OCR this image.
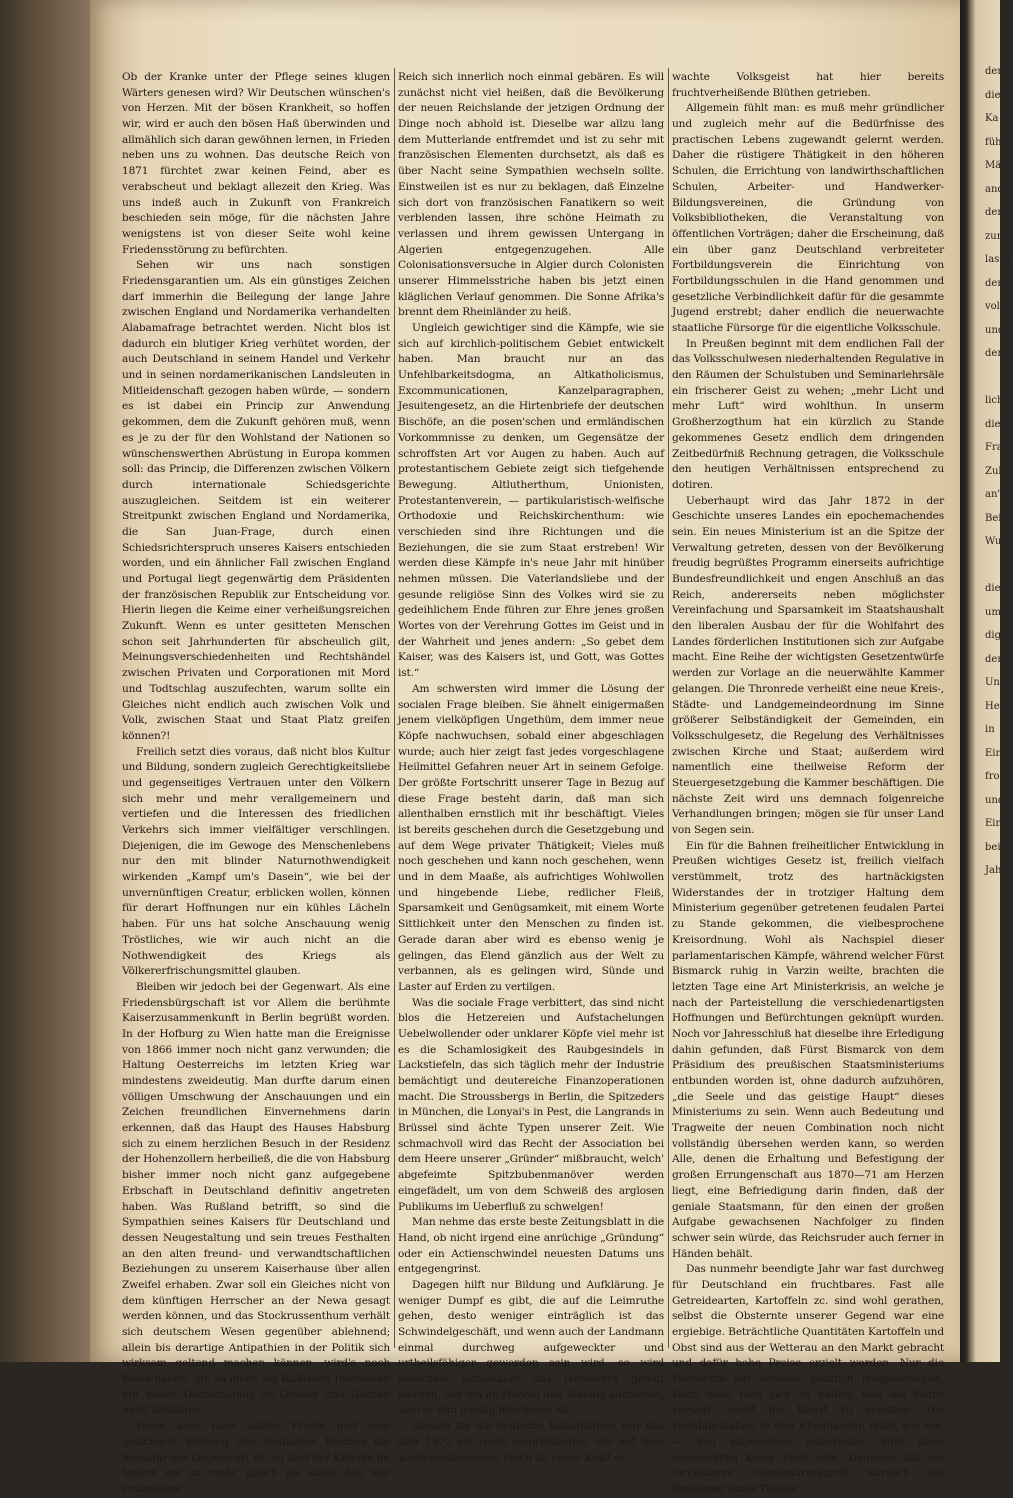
der
die
Ka
führ
Mä
and
der
zum
lasse
den
vole
und
derer

lich
die
Fra
Zuk
an's
Bei
Wu

die
um
digk
der
Unt
Here
in
Einl
fro
und
Ein
bei
Jah

Ob der Kranke unter der Pflege seines klugen Wärters genesen wird? Wir Deutschen wünschen's von Herzen. Mit der bösen Krankheit, so hoffen wir, wird er auch den bösen Haß überwinden und allmählich sich daran gewöhnen lernen, in Frieden neben uns zu wohnen. Das deutsche Reich von 1871 fürchtet zwar keinen Feind, aber es verabscheut und beklagt allezeit den Krieg. Was uns indeß auch in Zukunft von Frankreich beschieden sein möge, für die nächsten Jahre wenigstens ist von dieser Seite wohl keine Friedensstörung zu befürchten.

Sehen wir uns nach sonstigen Friedensgarantien um. Als ein günstiges Zeichen darf immerhin die Beilegung der lange Jahre zwischen England und Nordamerika verhandelten Alabamafrage betrachtet werden. Nicht blos ist dadurch ein blutiger Krieg verhütet worden, der auch Deutschland in seinem Handel und Verkehr und in seinen nordamerikanischen Landsleuten in Mitleidenschaft gezogen haben würde, — sondern es ist dabei ein Princip zur Anwendung gekommen, dem die Zukunft gehören muß, wenn es je zu der für den Wohlstand der Nationen so wünschenswerthen Abrüstung in Europa kommen soll: das Princip, die Differenzen zwischen Völkern durch internationale Schiedsgerichte auszugleichen. Seitdem ist ein weiterer Streitpunkt zwischen England und Nordamerika, die San Juan-Frage, durch einen Schiedsrichterspruch unseres Kaisers entschieden worden, und ein ähnlicher Fall zwischen England und Portugal liegt gegenwärtig dem Präsidenten der französischen Republik zur Entscheidung vor. Hierin liegen die Keime einer verheißungsreichen Zukunft. Wenn es unter gesitteten Menschen schon seit Jahrhunderten für abscheulich gilt, Meinungsverschiedenheiten und Rechtshändel zwischen Privaten und Corporationen mit Mord und Todtschlag auszufechten, warum sollte ein Gleiches nicht endlich auch zwischen Volk und Volk, zwischen Staat und Staat Platz greifen können?!

Freilich setzt dies voraus, daß nicht blos Kultur und Bildung, sondern zugleich Gerechtigkeitsliebe und gegenseitiges Vertrauen unter den Völkern sich mehr und mehr verallgemeinern und vertiefen und die Interessen des friedlichen Verkehrs sich immer vielfältiger verschlingen. Diejenigen, die im Gewoge des Menschenlebens nur den mit blinder Naturnothwendigkeit wirkenden „Kampf um's Dasein“, wie bei der unvernünftigen Creatur, erblicken wollen, können für derart Hoffnungen nur ein kühles Lächeln haben. Für uns hat solche Anschauung wenig Tröstliches, wie wir auch nicht an die Nothwendigkeit des Kriegs als Völkererfrischungsmittel glauben.

Bleiben wir jedoch bei der Gegenwart. Als eine Friedensbürgschaft ist vor Allem die berühmte Kaiserzusammenkunft in Berlin begrüßt worden. In der Hofburg zu Wien hatte man die Ereignisse von 1866 immer noch nicht ganz verwunden; die Haltung Oesterreichs im letzten Krieg war mindestens zweideutig. Man durfte darum einen völligen Umschwung der Anschauungen und ein Zeichen freundlichen Einvernehmens darin erkennen, daß das Haupt des Hauses Habsburg sich zu einem herzlichen Besuch in der Residenz der Hohenzollern herbeiließ, die die von Habsburg bisher immer noch nicht ganz aufgegebene Erbschaft in Deutschland definitiv angetreten haben. Was Rußland betrifft, so sind die Sympathien seines Kaisers für Deutschland und dessen Neugestaltung und sein treues Festhalten an den alten freund- und verwandtschaftlichen Beziehungen zu unserem Kaiserhause über allen Zweifel erhaben. Zwar soll ein Gleiches nicht von dem künftigen Herrscher an der Newa gesagt werden können, und das Stockrussenthum verhält sich deutschem Wesen gegenüber ablehnend; allein bis derartige Antipathien in der Politik sich wirksam geltend machen können, wird's noch Weile haben, um so mehr, als Rußlands Interessen mit denen Deutschlands im Großen und Ganzen nicht kollidiren.

Wenn aber nach außen Friede und eine gesicherte Stellung des deutschen Reiches die Signatur der Gegenwart ist, so sind der Kämpfe im Innern um so mehr, gleich als sollte das neu erstandene

Reich sich innerlich noch einmal gebären. Es will zunächst nicht viel heißen, daß die Bevölkerung der neuen Reichslande der jetzigen Ordnung der Dinge noch abhold ist. Dieselbe war allzu lang dem Mutterlande entfremdet und ist zu sehr mit französischen Elementen durchsetzt, als daß es über Nacht seine Sympathien wechseln sollte. Einstweilen ist es nur zu beklagen, daß Einzelne sich dort von französischen Fanatikern so weit verblenden lassen, ihre schöne Heimath zu verlassen und ihrem gewissen Untergang in Algerien entgegenzugehen. Alle Colonisationsversuche in Algier durch Colonisten unserer Himmelsstriche haben bis jetzt einen kläglichen Verlauf genommen. Die Sonne Afrika's brennt dem Rheinländer zu heiß.

Ungleich gewichtiger sind die Kämpfe, wie sie sich auf kirchlich-politischem Gebiet entwickelt haben. Man braucht nur an das Unfehlbarkeitsdogma, an Altkatholicismus, Excommunicationen, Kanzelparagraphen, Jesuitengesetz, an die Hirtenbriefe der deutschen Bischöfe, an die posen'schen und ermländischen Vorkommnisse zu denken, um Gegensätze der schroffsten Art vor Augen zu haben. Auch auf protestantischem Gebiete zeigt sich tiefgehende Bewegung. Altlutherthum, Unionisten, Protestantenverein, — partikularistisch-welfische Orthodoxie und Reichskirchenthum: wie verschieden sind ihre Richtungen und die Beziehungen, die sie zum Staat erstreben! Wir werden diese Kämpfe in's neue Jahr mit hinüber nehmen müssen. Die Vaterlandsliebe und der gesunde religiöse Sinn des Volkes wird sie zu gedeihlichem Ende führen zur Ehre jenes großen Wortes von der Verehrung Gottes im Geist und in der Wahrheit und jenes andern: „So gebet dem Kaiser, was des Kaisers ist, und Gott, was Gottes ist.“

Am schwersten wird immer die Lösung der socialen Frage bleiben. Sie ähnelt einigermaßen jenem vielköpfigen Ungethüm, dem immer neue Köpfe nachwuchsen, sobald einer abgeschlagen wurde; auch hier zeigt fast jedes vorgeschlagene Heilmittel Gefahren neuer Art in seinem Gefolge. Der größte Fortschritt unserer Tage in Bezug auf diese Frage besteht darin, daß man sich allenthalben ernstlich mit ihr beschäftigt. Vieles ist bereits geschehen durch die Gesetzgebung und auf dem Wege privater Thätigkeit; Vieles muß noch geschehen und kann noch geschehen, wenn und in dem Maaße, als aufrichtiges Wohlwollen und hingebende Liebe, redlicher Fleiß, Sparsamkeit und Genügsamkeit, mit einem Worte Sittlichkeit unter den Menschen zu finden ist. Gerade daran aber wird es ebenso wenig je gelingen, das Elend gänzlich aus der Welt zu verbannen, als es gelingen wird, Sünde und Laster auf Erden zu vertilgen.

Was die sociale Frage verbittert, das sind nicht blos die Hetzereien und Aufstachelungen Uebelwollender oder unklarer Köpfe viel mehr ist es die Schamlosigkeit des Raubgesindels in Lackstiefeln, das sich täglich mehr der Industrie bemächtigt und deutereiche Finanzoperationen macht. Die Stroussbergs in Berlin, die Spitzeders in München, die Lonyai's in Pest, die Langrands in Brüssel sind ächte Typen unserer Zeit. Wie schmachvoll wird das Recht der Association bei dem Heere unserer „Gründer“ mißbraucht, welch' abgefeimte Spitzbubenmanöver werden eingefädelt, um von dem Schweiß des arglosen Publikums im Ueberfluß zu schwelgen!

Man nehme das erste beste Zeitungsblatt in die Hand, ob nicht irgend eine anrüchige „Gründung“ oder ein Actienschwindel neuesten Datums uns entgegengrinst.

Dagegen hilft nur Bildung und Aufklärung. Je weniger Dumpf es gibt, die auf die Leimruthe gehen, desto weniger einträglich ist das Schwindelgeschäft, und wenn auch der Landmann einmal durchweg aufgeweckter und urtheilsfähiger geworden sein wird, so wird manchem Schlaukopf das Handwerk gelegt werden, der ihn im Handel und Wandel ausbeutet, weil er ihm geistig überlegen ist.

Gerade für die deutsche Volksbildung war das Jahr 1872 ein recht ersprießliches; der mit dem wiedererstandenen Reich zu neuer Kraft er-

wachte Volksgeist hat hier bereits fruchtverheißende Blüthen getrieben.

Allgemein fühlt man: es muß mehr gründlicher und zugleich mehr auf die Bedürfnisse des practischen Lebens zugewandt gelernt werden. Daher die rüstigere Thätigkeit in den höheren Schulen, die Errichtung von landwirthschaftlichen Schulen, Arbeiter- und Handwerker-Bildungsvereinen, die Gründung von Volksbibliotheken, die Veranstaltung von öffentlichen Vorträgen; daher die Erscheinung, daß ein über ganz Deutschland verbreiteter Fortbildungsverein die Einrichtung von Fortbildungsschulen in die Hand genommen und gesetzliche Verbindlichkeit dafür für die gesammte Jugend erstrebt; daher endlich die neuerwachte staatliche Fürsorge für die eigentliche Volksschule.

In Preußen beginnt mit dem endlichen Fall der das Volksschulwesen niederhaltenden Regulative in den Räumen der Schulstuben und Seminarlehrsäle ein frischerer Geist zu wehen; „mehr Licht und mehr Luft“ wird wohlthun. In unserm Großherzogthum hat ein kürzlich zu Stande gekommenes Gesetz endlich dem dringenden Zeitbedürfniß Rechnung getragen, die Volksschule den heutigen Verhältnissen entsprechend zu dotiren.

Ueberhaupt wird das Jahr 1872 in der Geschichte unseres Landes ein epochemachendes sein. Ein neues Ministerium ist an die Spitze der Verwaltung getreten, dessen von der Bevölkerung freudig begrüßtes Programm einerseits aufrichtige Bundesfreundlichkeit und engen Anschluß an das Reich, andererseits neben möglichster Vereinfachung und Sparsamkeit im Staatshaushalt den liberalen Ausbau der für die Wohlfahrt des Landes förderlichen Institutionen sich zur Aufgabe macht. Eine Reihe der wichtigsten Gesetzentwürfe werden zur Vorlage an die neuerwählte Kammer gelangen. Die Thronrede verheißt eine neue Kreis-, Städte- und Landgemeindeordnung im Sinne größerer Selbständigkeit der Gemeinden, ein Volksschulgesetz, die Regelung des Verhältnisses zwischen Kirche und Staat; außerdem wird namentlich eine theilweise Reform der Steuergesetzgebung die Kammer beschäftigen. Die nächste Zeit wird uns demnach folgenreiche Verhandlungen bringen; mögen sie für unser Land von Segen sein.

Ein für die Bahnen freiheitlicher Entwicklung in Preußen wichtiges Gesetz ist, freilich vielfach verstümmelt, trotz des hartnäckigsten Widerstandes der in trotziger Haltung dem Ministerium gegenüber getretenen feudalen Partei zu Stande gekommen, die vielbesprochene Kreisordnung. Wohl als Nachspiel dieser parlamentarischen Kämpfe, während welcher Fürst Bismarck ruhig in Varzin weilte, brachten die letzten Tage eine Art Ministerkrisis, an welche je nach der Parteistellung die verschiedenartigsten Hoffnungen und Befürchtungen geknüpft wurden. Noch vor Jahresschluß hat dieselbe ihre Erledigung dahin gefunden, daß Fürst Bismarck von dem Präsidium des preußischen Staatsministeriums entbunden worden ist, ohne dadurch aufzuhören, „die Seele und das geistige Haupt“ dieses Ministeriums zu sein. Wenn auch Bedeutung und Tragweite der neuen Combination noch nicht vollständig übersehen werden kann, so werden Alle, denen die Erhaltung und Befestigung der großen Errungenschaft aus 1870—71 am Herzen liegt, eine Befriedigung darin finden, daß der geniale Staatsmann, für den einen der großen Aufgabe gewachsenen Nachfolger zu finden schwer sein würde, das Reichsruder auch ferner in Händen behält.

Das nunmehr beendigte Jahr war fast durchweg für Deutschland ein fruchtbares. Fast alle Getreidearten, Kartoffeln zc. sind wohl gerathen, selbst die Obsternte unserer Gegend war eine ergiebige. Beträchtliche Quantitäten Kartoffeln und Obst sind aus der Wetterau an den Markt gebracht und dafür hohe Preise erzielt worden. Nur die Weinernte hat beinahe gänzlich fehlgeschlagen. Doch weiß man sich zu helfen; was die Natur versagt, sucht die Kunst zu ersetzen. Die Weinfabrikation in den Rheinlanden blüht wie nie. — Von allgemeiner materieller Noth kann gegenwärtig keine Rede sein. Dagegen hat ein furchtbares Elementarereigniß kürzlich die Bewohner eines Theiles
